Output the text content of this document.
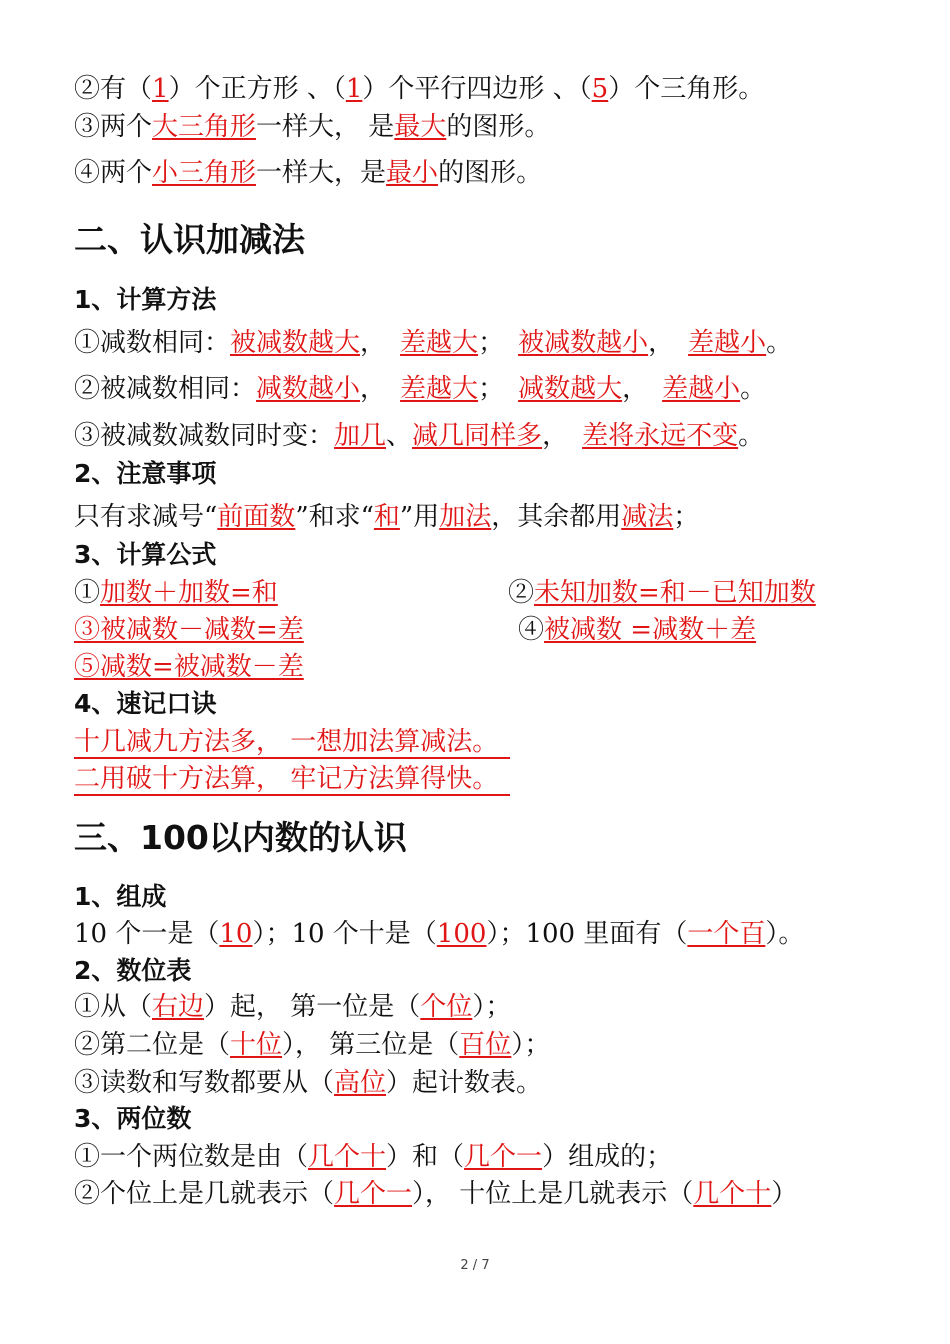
②有（1）个正方形 、（1）个平行四边形 、（5）个三角形。
③两个大三角形一样大， 是最大的图形。
④两个小三角形一样大，是最小的图形。
二、认识加减法
1、计算方法
①减数相同：被减数越大， 差越大； 被减数越小， 差越小。
②被减数相同：减数越小， 差越大； 减数越大， 差越小。
③被减数减数同时变：加几、减几同样多， 差将永远不变。
2、注意事项
只有求减号“前面数”和求“和”用加法，其余都用减法；
3、计算公式
①加数＋加数=和	②未知加数=和－已知加数
③被减数－减数=差	④被减数 =减数＋差
⑤减数=被减数－差
4、速记口诀
十几减九方法多， 一想加法算减法。
二用破十方法算， 牢记方法算得快。
三、100以内数的认识
1、组成
10 个一是（10）；10 个十是（100）；100 里面有（一个百）。
2、数位表
①从（右边）起， 第一位是（个位）；
②第二位是（十位）， 第三位是（百位）；
③读数和写数都要从（高位）起计数表。
3、两位数
①一个两位数是由（几个十）和（几个一）组成的；
②个位上是几就表示（几个一）， 十位上是几就表示（几个十）
2 / 7
